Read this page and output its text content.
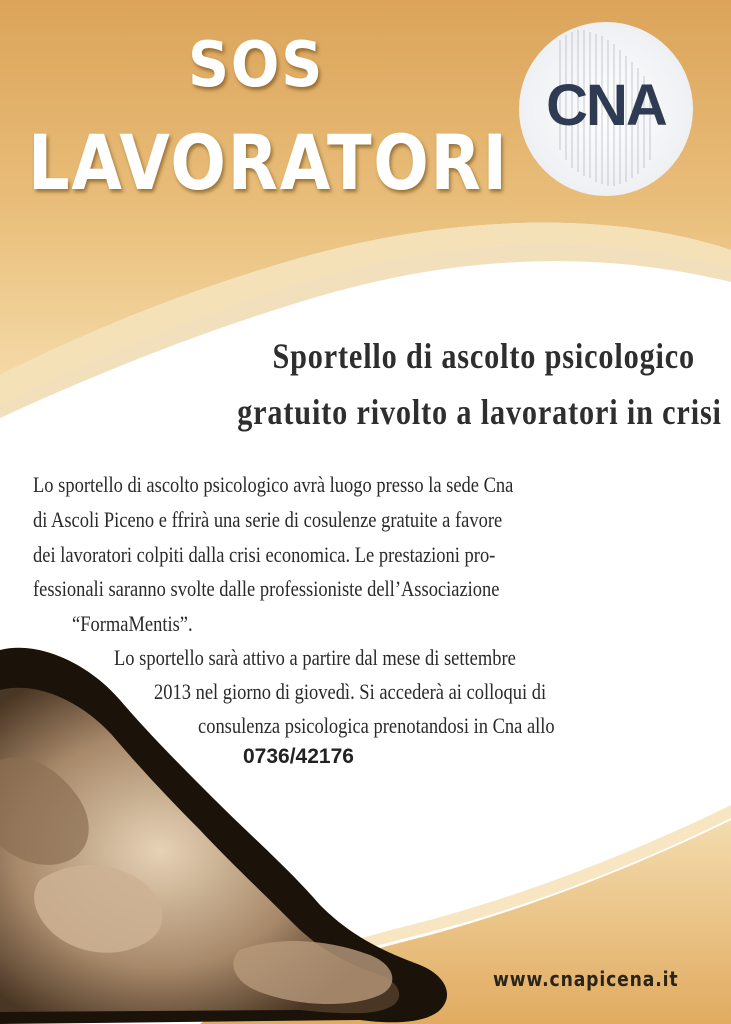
SOS
LAVORATORI
CNA
Sportello di ascolto psicologico
gratuito rivolto a lavoratori in crisi
Lo sportello di ascolto psicologico avrà luogo presso la sede Cna
di Ascoli Piceno e ffrirà una serie di cosulenze gratuite a favore
dei lavoratori colpiti dalla crisi economica. Le prestazioni pro-
fessionali saranno svolte dalle professioniste dell’Associazione
“FormaMentis”.
Lo sportello sarà attivo a partire dal mese di settembre
2013 nel giorno di giovedì. Si accederà ai colloqui di
consulenza psicologica prenotandosi in Cna allo
0736/42176
www.cnapicena.it
